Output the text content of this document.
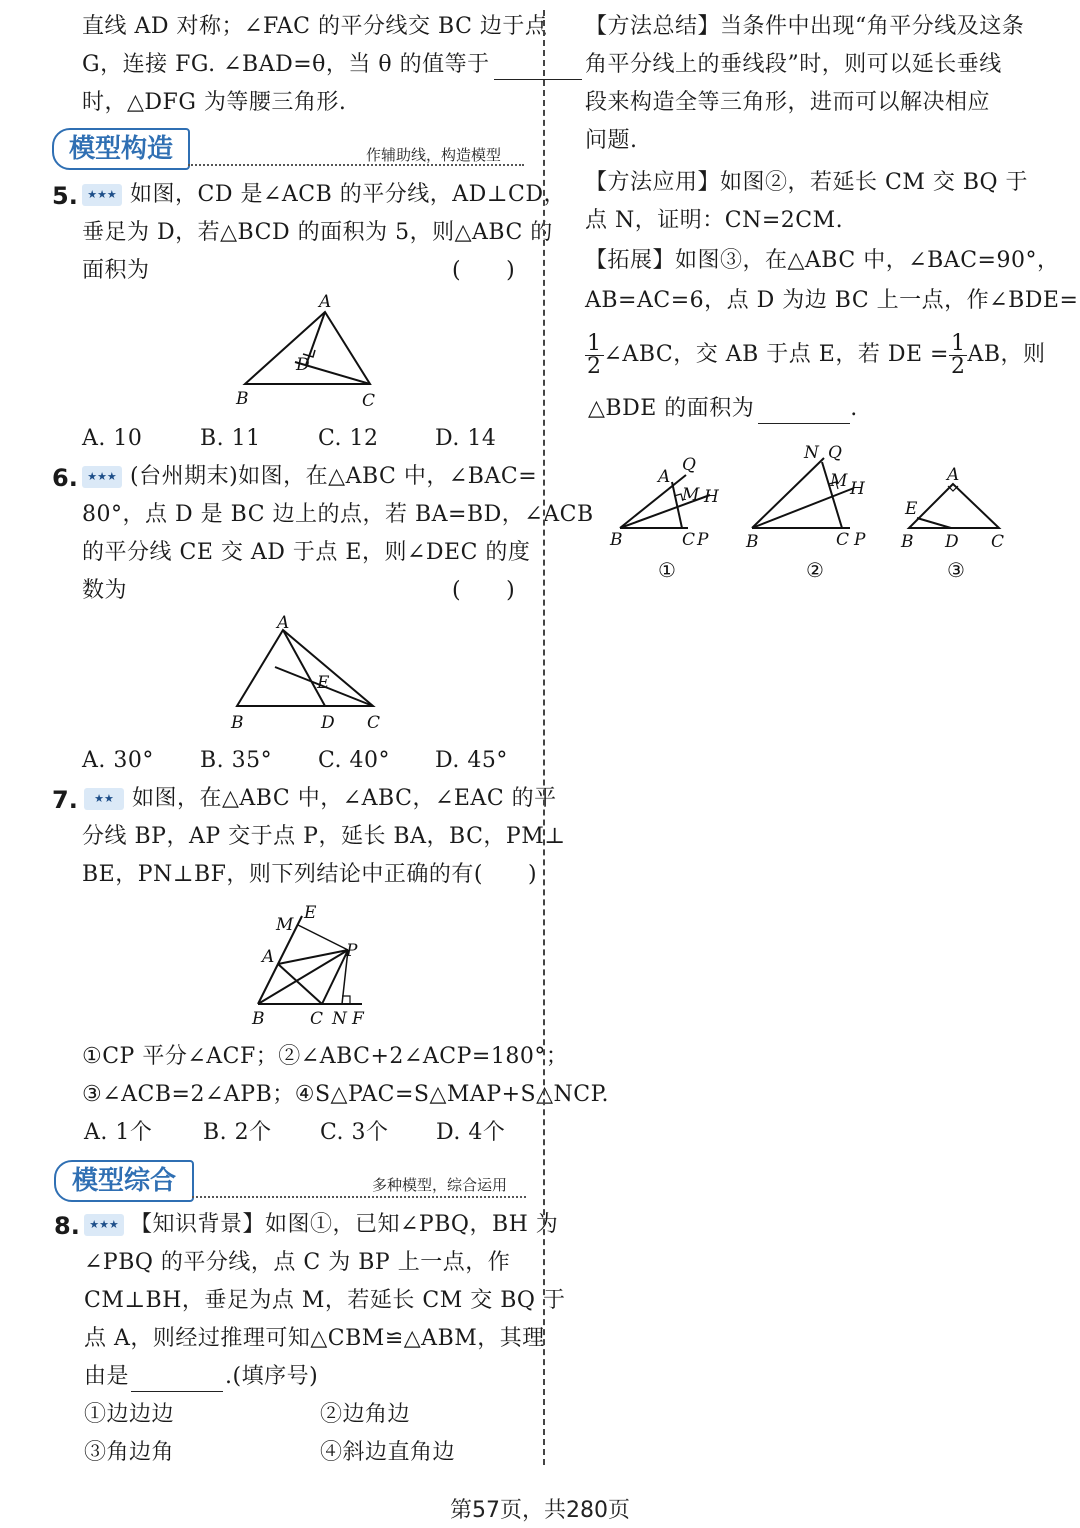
直线 AD 对称；∠FAC 的平分线交 BC 边于点
G，连接 FG. ∠BAD=θ，当 θ 的值等于
时，△DFG 为等腰三角形.
模型构造	作辅助线，构造模型
5. ★★★ 如图，CD 是∠ACB 的平分线，AD⊥CD，
垂足为 D，若△BCD 的面积为 5，则△ABC 的
面积为	(　　)
A
B	C
D
A. 10	B. 11	C. 12	D. 14
6. ★★★ (台州期末)如图，在△ABC 中，∠BAC=
80°，点 D 是 BC 边上的点，若 BA=BD，∠ACB
的平分线 CE 交 AD 于点 E，则∠DEC 的度
数为	(　　)
A
B	D C
E
A. 30° B. 35° C. 40° D. 45°
7.	★★ 如图，在△ABC 中，∠ABC，∠EAC 的平
分线 BP，AP 交于点 P，延长 BA，BC，PM⊥
BE，PN⊥BF，则下列结论中正确的有(　　)
E
M
A	P
B	C N F
①CP 平分∠ACF；②∠ABC+2∠ACP=180°；
③∠ACB=2∠APB；④S△PAC=S△MAP+S△NCP.
A. 1个 B. 2个 C. 3个 D. 4个
模型综合	多种模型，综合运用
8. ★★★ 【知识背景】如图①，已知∠PBQ，BH 为
∠PBQ 的平分线，点 C 为 BP 上一点，作
CM⊥BH，垂足为点 M，若延长 CM 交 BQ 于
点 A，则经过推理可知△CBM≌△ABM，其理
由是	.(填序号)
①边边边	②边角边
③角边角	④斜边直角边
【方法总结】当条件中出现“角平分线及这条
角平分线上的垂线段”时，则可以延长垂线
段来构造全等三角形，进而可以解决相应
问题.
【方法应用】如图②，若延长 CM 交 BQ 于
点 N，证明：CN=2CM.
【拓展】如图③，在△ABC 中，∠BAC=90°，
AB=AC=6，点 D 为边 BC 上一点，作∠BDE=
$\frac{1}{2}$ ∠ABC，交 AB 于点 E，若 DE = $\frac{1}{2}$ AB，则
△BDE 的面积为	.
A
Q
M H
B	C P
①
N Q
M H
B	C P
②
A
E
B D C
③
第57页，共280页
